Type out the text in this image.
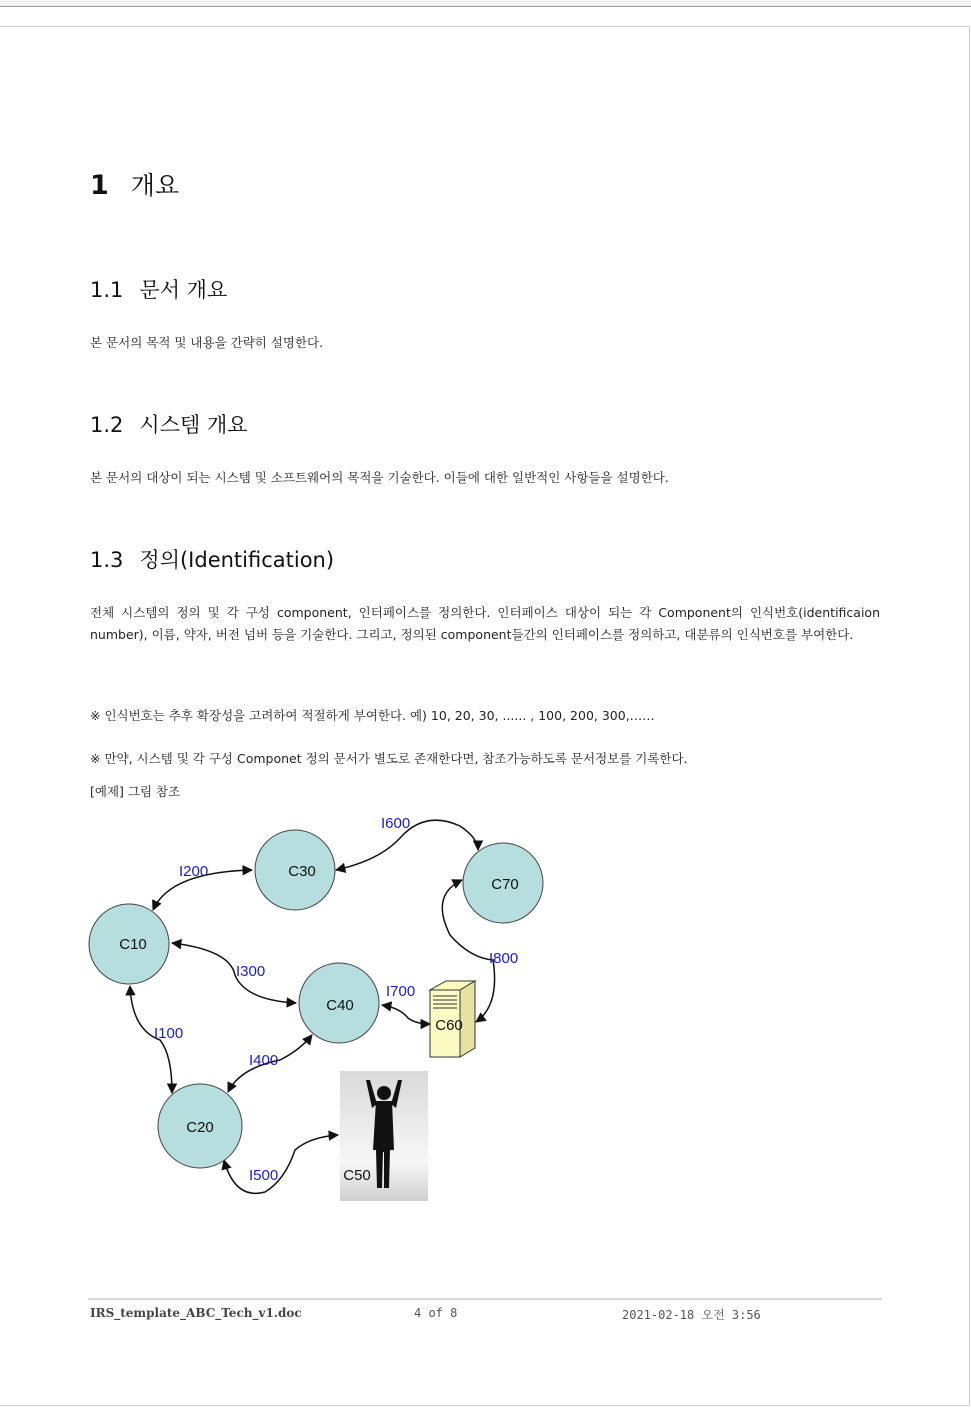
1 개요
1.1 문서 개요
본 문서의 목적 및 내용을 간략히 설명한다.
1.2 시스템 개요
본 문서의 대상이 되는 시스템 및 소프트웨어의 목적을 기술한다. 이들에 대한 일반적인 사항들을 설명한다.
1.3 정의(Identification)
전체 시스템의 정의 및 각 구성 component, 인터페이스를 정의한다. 인터페이스 대상이 되는 각 Component의 인식번호(identificaion number), 이름, 약자, 버전 넘버 등을 기술한다. 그리고, 정의된 component들간의 인터페이스를 정의하고, 대분류의 인식번호를 부여한다.
※ 인식번호는 추후 확장성을 고려하여 적절하게 부여한다. 예) 10, 20, 30, ...... , 100, 200, 300,……
※ 만약, 시스템 및 각 구성 Componet 정의 문서가 별도로 존재한다면, 참조가능하도록 문서정보를 기록한다.
[예제] 그림 참조
C10
C30
C70
C40
C20
C60
C50
I200
I600
I300
I700
I800
I100
I400
I500
IRS_template_ABC_Tech_v1.doc	4 of 8	2021-02-18 오전 3:56
